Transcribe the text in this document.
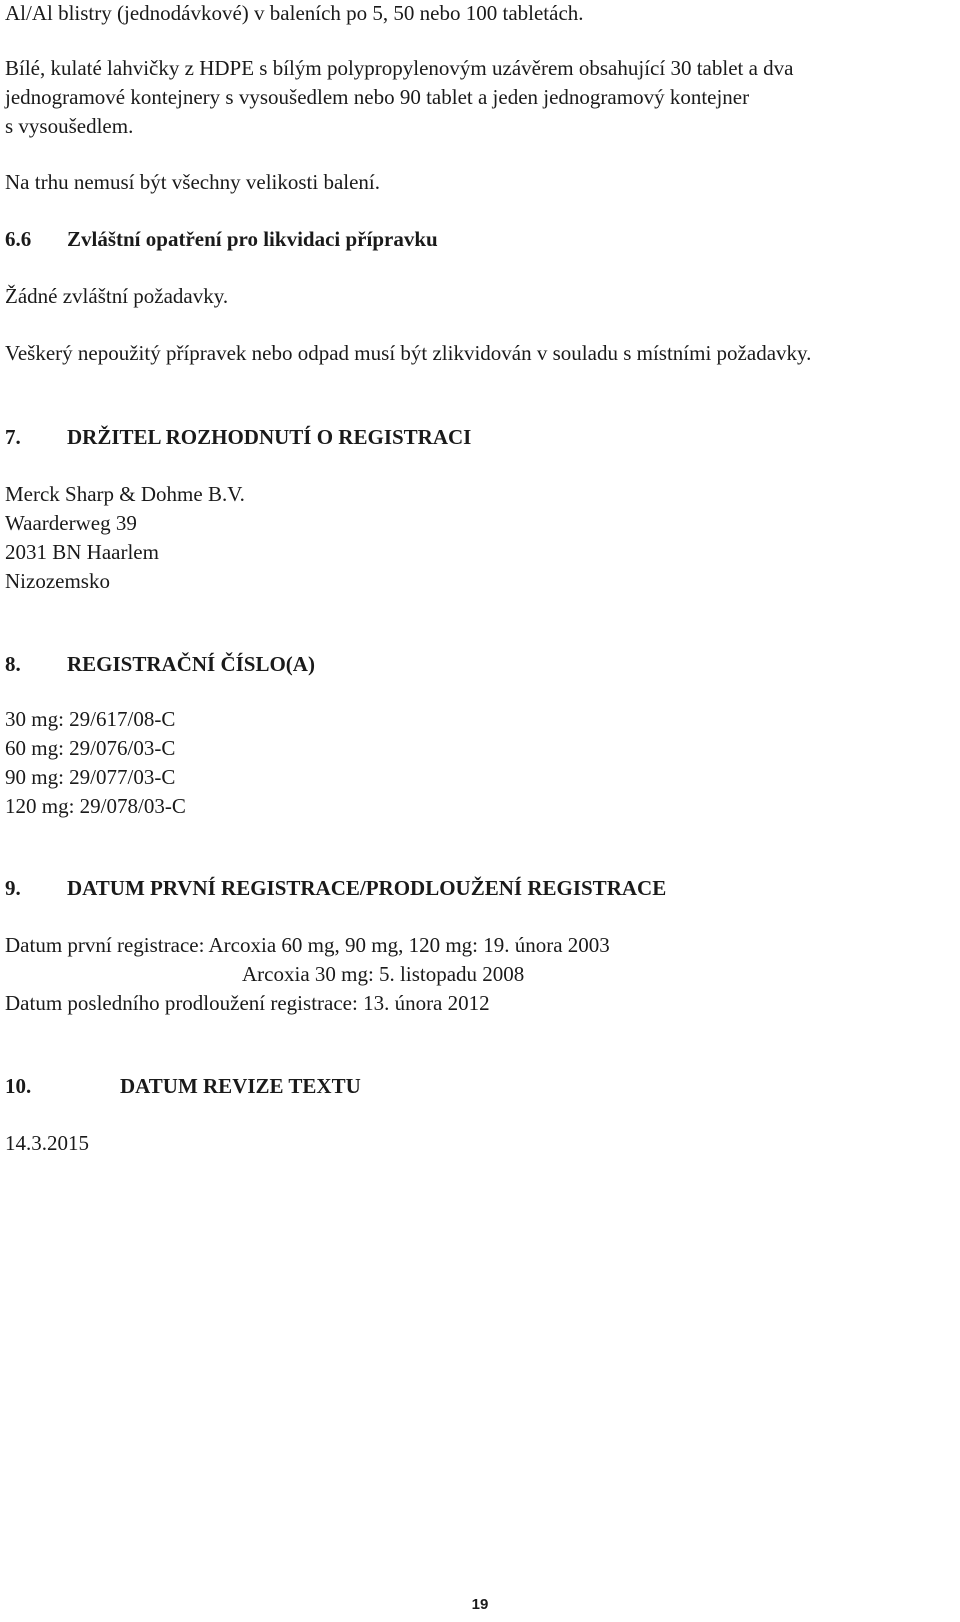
Al/Al blistry (jednodávkové) v baleních po 5, 50 nebo 100 tabletách.

Bílé, kulaté lahvičky z HDPE s bílým polypropylenovým uzávěrem obsahující 30 tablet a dva
jednogramové kontejnery s vysoušedlem nebo 90 tablet a jeden jednogramový kontejner
s vysoušedlem.

Na trhu nemusí být všechny velikosti balení.

6.6 Zvláštní opatření pro likvidaci přípravku

Žádné zvláštní požadavky.

Veškerý nepoužitý přípravek nebo odpad musí být zlikvidován v souladu s místními požadavky.

7. DRŽITEL ROZHODNUTÍ O REGISTRACI

Merck Sharp & Dohme B.V.
Waarderweg 39
2031 BN Haarlem
Nizozemsko

8. REGISTRAČNÍ ČÍSLO(A)

30 mg: 29/617/08-C
60 mg: 29/076/03-C
90 mg: 29/077/03-C
120 mg: 29/078/03-C

9. DATUM PRVNÍ REGISTRACE/PRODLOUŽENÍ REGISTRACE

Datum první registrace: Arcoxia 60 mg, 90 mg, 120 mg: 19. února 2003
Arcoxia 30 mg: 5. listopadu 2008
Datum posledního prodloužení registrace: 13. února 2012

10.	DATUM REVIZE TEXTU

14.3.2015

19
